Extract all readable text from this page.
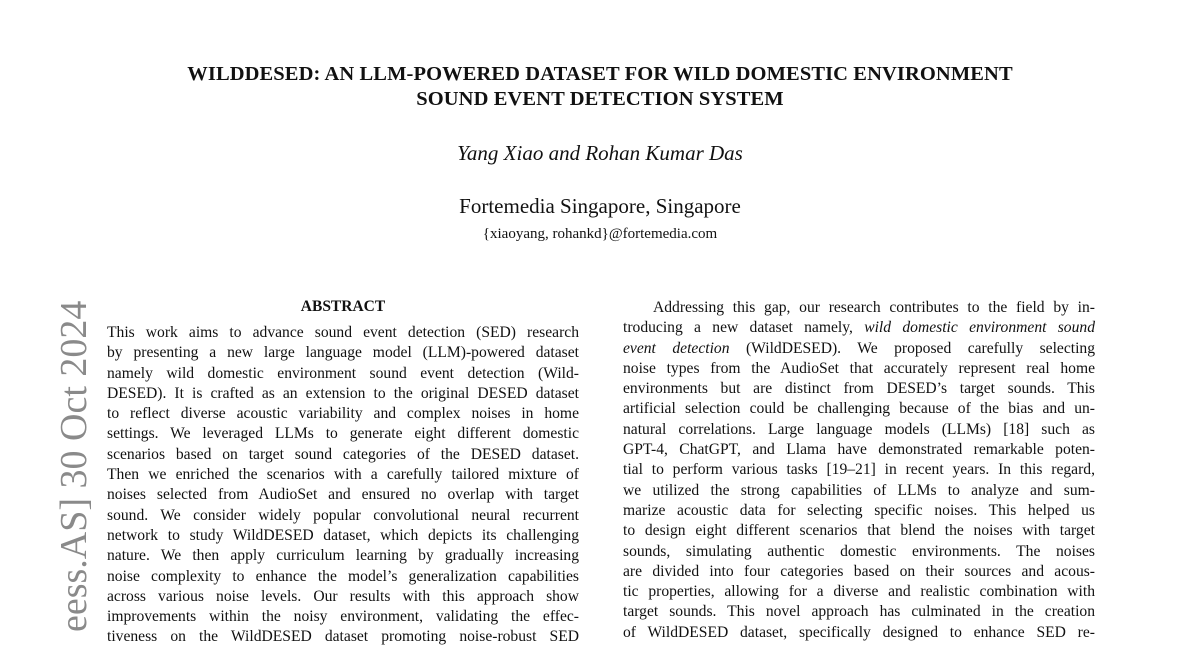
eess.AS] 30 Oct 2024
WILDDESED: AN LLM-POWERED DATASET FOR WILD DOMESTIC ENVIRONMENT
SOUND EVENT DETECTION SYSTEM
Yang Xiao and Rohan Kumar Das
Fortemedia Singapore, Singapore
{xiaoyang, rohankd}@fortemedia.com
ABSTRACT
This work aims to advance sound event detection (SED) research
by presenting a new large language model (LLM)-powered dataset
namely wild domestic environment sound event detection (Wild-
DESED). It is crafted as an extension to the original DESED dataset
to reflect diverse acoustic variability and complex noises in home
settings. We leveraged LLMs to generate eight different domestic
scenarios based on target sound categories of the DESED dataset.
Then we enriched the scenarios with a carefully tailored mixture of
noises selected from AudioSet and ensured no overlap with target
sound. We consider widely popular convolutional neural recurrent
network to study WildDESED dataset, which depicts its challenging
nature. We then apply curriculum learning by gradually increasing
noise complexity to enhance the model’s generalization capabilities
across various noise levels. Our results with this approach show
improvements within the noisy environment, validating the effec-
tiveness on the WildDESED dataset promoting noise-robust SED
Addressing this gap, our research contributes to the field by in-
troducing a new dataset namely, wild domestic environment sound
event detection (WildDESED). We proposed carefully selecting
noise types from the AudioSet that accurately represent real home
environments but are distinct from DESED’s target sounds. This
artificial selection could be challenging because of the bias and un-
natural correlations. Large language models (LLMs) [18] such as
GPT-4, ChatGPT, and Llama have demonstrated remarkable poten-
tial to perform various tasks [19–21] in recent years. In this regard,
we utilized the strong capabilities of LLMs to analyze and sum-
marize acoustic data for selecting specific noises. This helped us
to design eight different scenarios that blend the noises with target
sounds, simulating authentic domestic environments. The noises
are divided into four categories based on their sources and acous-
tic properties, allowing for a diverse and realistic combination with
target sounds. This novel approach has culminated in the creation
of WildDESED dataset, specifically designed to enhance SED re-
